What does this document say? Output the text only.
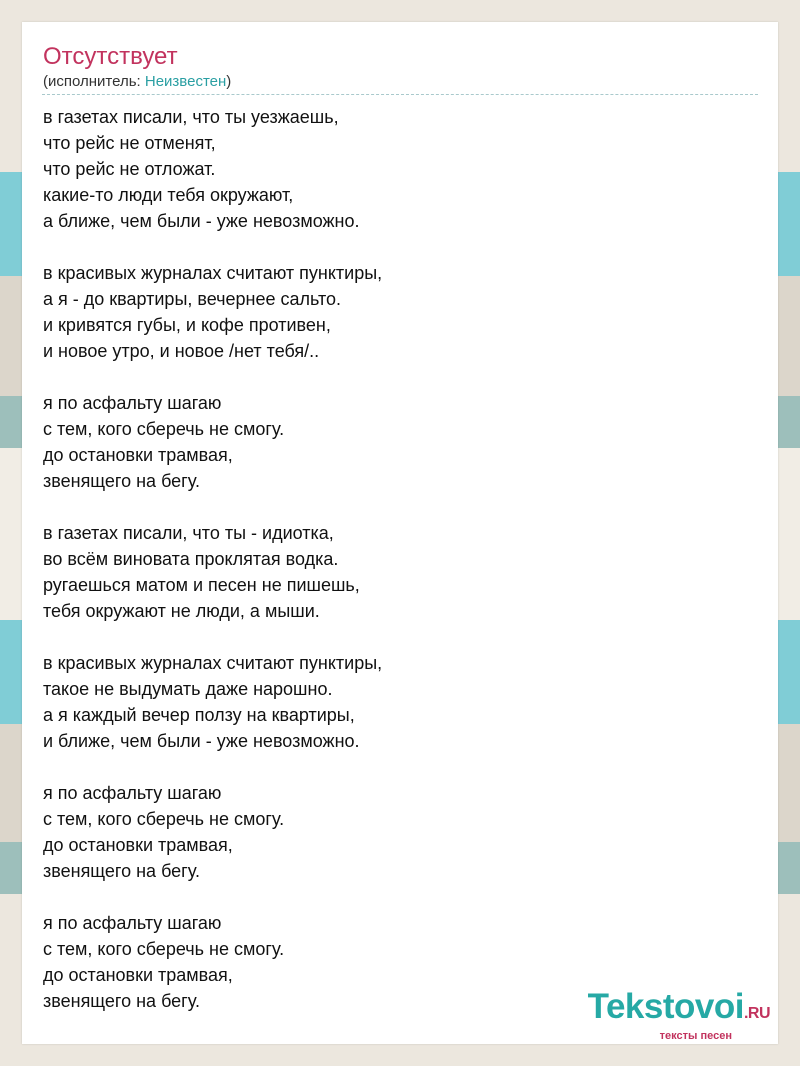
Отсутствует
(исполнитель: Неизвестен)
в газетах писали, что ты уезжаешь,
что рейс не отменят,
что рейс не отложат.
какие-то люди тебя окружают,
а ближе, чем были - уже невозможно.
в красивых журналах считают пунктиры,
а я - до квартиры, вечернее сальто.
и кривятся губы, и кофе противен,
и новое утро, и новое /нет тебя/..
я по асфальту шагаю
с тем, кого сберечь не смогу.
до остановки трамвая,
звенящего на бегу.
в газетах писали, что ты - идиотка,
во всём виновата проклятая водка.
ругаешься матом и песен не пишешь,
тебя окружают не люди, а мыши.
в красивых журналах считают пунктиры,
такое не выдумать даже нарошно.
а я каждый вечер ползу на квартиры,
и ближе, чем были - уже невозможно.
я по асфальту шагаю
с тем, кого сберечь не смогу.
до остановки трамвая,
звенящего на бегу.
я по асфальту шагаю
с тем, кого сберечь не смогу.
до остановки трамвая,
звенящего на бегу.	Tekstovoi.RU
тексты песен
